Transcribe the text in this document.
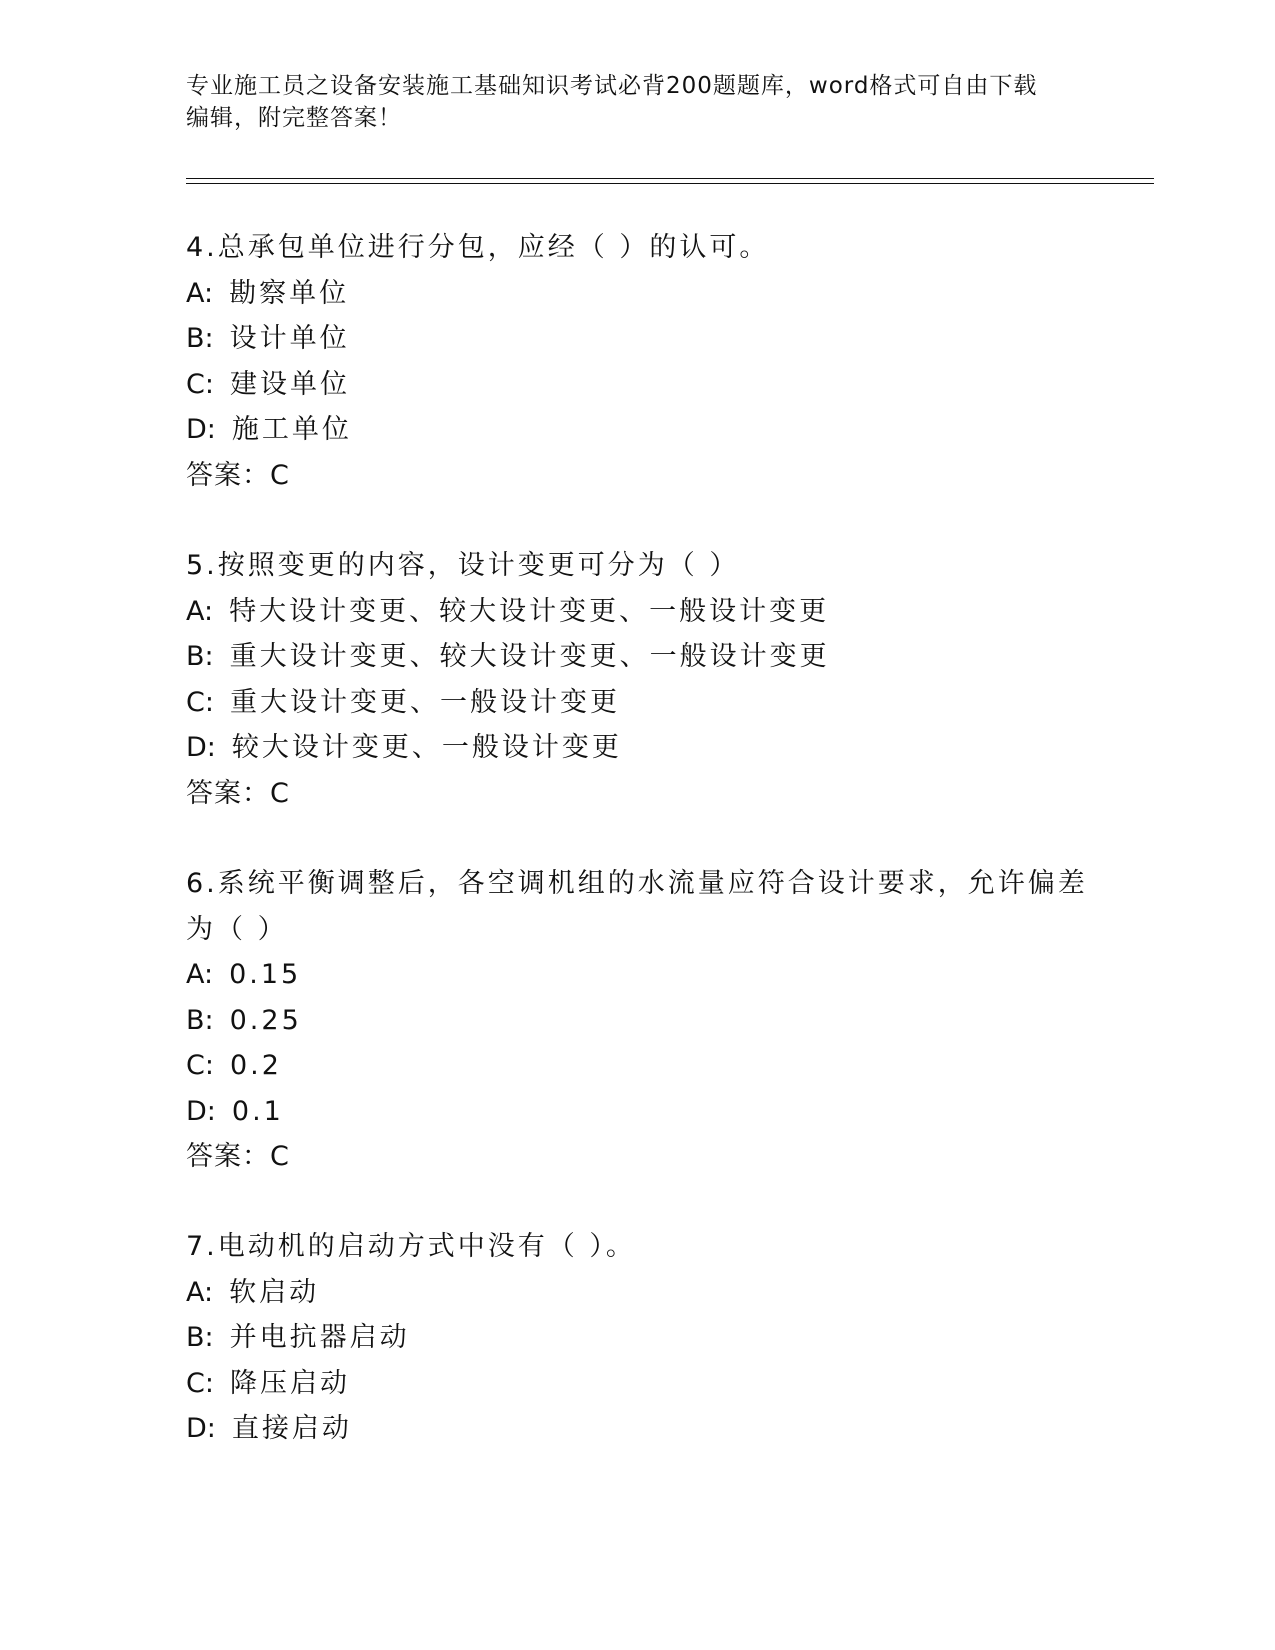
专业施工员之设备安装施工基础知识考试必背200题题库，word格式可自由下载
编辑，附完整答案！
4.总承包单位进行分包，应经（ ）的认可。
A: 勘察单位
B: 设计单位
C: 建设单位
D: 施工单位
答案：C
5.按照变更的内容，设计变更可分为（ ）
A: 特大设计变更、较大设计变更、一般设计变更
B: 重大设计变更、较大设计变更、一般设计变更
C: 重大设计变更、一般设计变更
D: 较大设计变更、一般设计变更
答案：C
6.系统平衡调整后，各空调机组的水流量应符合设计要求，允许偏差
为（ ）
A: 0.15
B: 0.25
C: 0.2
D: 0.1
答案：C
7.电动机的启动方式中没有（ ）。
A: 软启动
B: 并电抗器启动
C: 降压启动
D: 直接启动
